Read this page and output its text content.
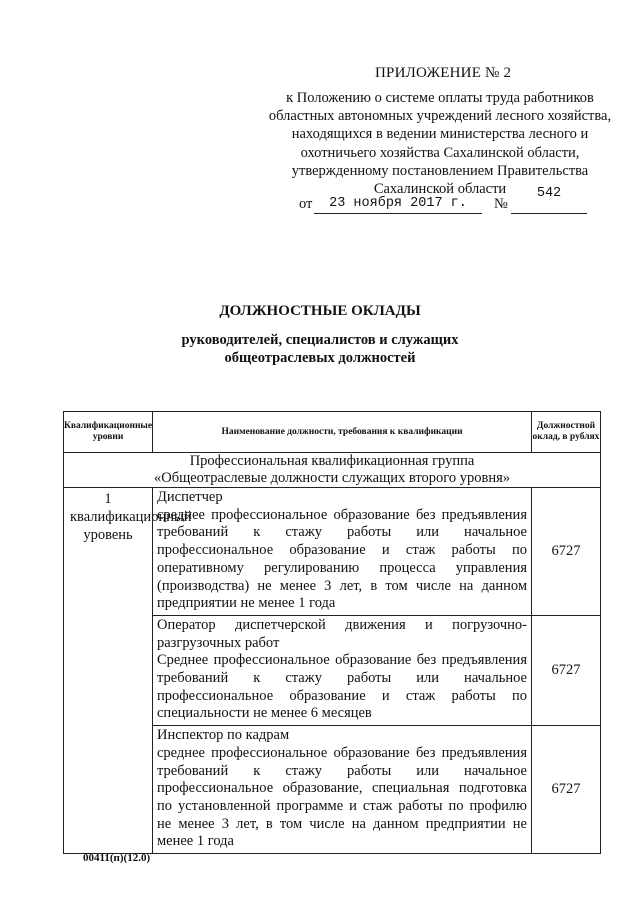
ПРИЛОЖЕНИЕ № 2
к Положению о системе оплаты труда работников областных автономных учреждений лесного хозяйства, находящихся в ведении министерства лесного и охотничьего хозяйства Сахалинской области, утвержденному постановлением Правительства Сахалинской области
от	23 ноября 2017 г.	№
542
ДОЛЖНОСТНЫЕ ОКЛАДЫ
руководителей, специалистов и служащих
общеотраслевых должностей
Квалификационные уровни	Наименование должности, требования к квалификации	Должностной оклад, в рублях

Профессиональная квалификационная группа
«Общеотраслевые должности служащих второго уровня»		

1 квалификационный уровень	Диспетчер
среднее профессиональное образование без предъявления требований к стажу работы или начальное профессиональное образование и стаж работы по оперативному регулированию процесса управления (производства) не менее 3 лет, в том числе на данном предприятии не менее 1 года	6727

	Оператор диспетчерской движения и погрузочно-разгрузочных работ
Среднее профессиональное образование без предъявления требований к стажу работы или начальное профессиональное образование и стаж работы по специальности не менее 6 месяцев	6727

	Инспектор по кадрам
среднее профессиональное образование без предъявления требований к стажу работы или начальное профессиональное образование, специальная подготовка по установленной программе и стаж работы по профилю не менее 3 лет, в том числе на данном предприятии не менее 1 года	6727
00411(п)(12.0)
